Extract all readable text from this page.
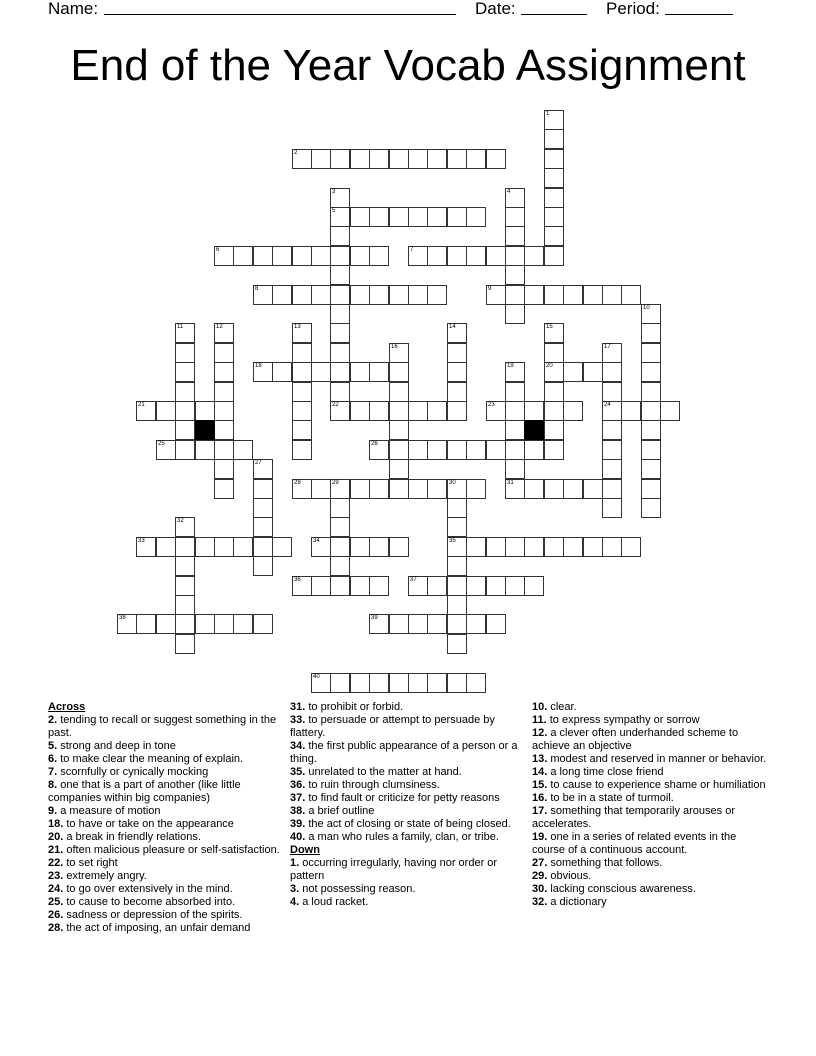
Name:	Date:	Period:
End of the Year Vocab Assignment
1
2
3
5
4
6	7
8	9
10
11	12	13	14	15
20
16	17
24
18	19
31
21	22	23
25	26
27
28	29	30
35
32
33	34
36	37
38	39
40
Across
2. tending to recall or suggest something in the past.
5. strong and deep in tone
6. to make clear the meaning of explain.
7. scornfully or cynically mocking
8. one that is a part of another (like little companies within big companies)
9. a measure of motion
18. to have or take on the appearance
20. a break in friendly relations.
21. often malicious pleasure or self-satisfaction.
22. to set right
23. extremely angry.
24. to go over extensively in the mind.
25. to cause to become absorbed into.
26. sadness or depression of the spirits.
28. the act of imposing, an unfair demand
31. to prohibit or forbid.
33. to persuade or attempt to persuade by flattery.
34. the first public appearance of a person or a thing.
35. unrelated to the matter at hand.
36. to ruin through clumsiness.
37. to find fault or criticize for petty reasons
38. a brief outline
39. the act of closing or state of being closed.
40. a man who rules a family, clan, or tribe.
Down
1. occurring irregularly, having nor order or pattern
3. not possessing reason.
4. a loud racket.
10. clear.
11. to express sympathy or sorrow
12. a clever often underhanded scheme to achieve an objective
13. modest and reserved in manner or behavior.
14. a long time close friend
15. to cause to experience shame or humiliation
16. to be in a state of turmoil.
17. something that temporarily arouses or accelerates.
19. one in a series of related events in the course of a continuous account.
27. something that follows.
29. obvious.
30. lacking conscious awareness.
32. a dictionary
